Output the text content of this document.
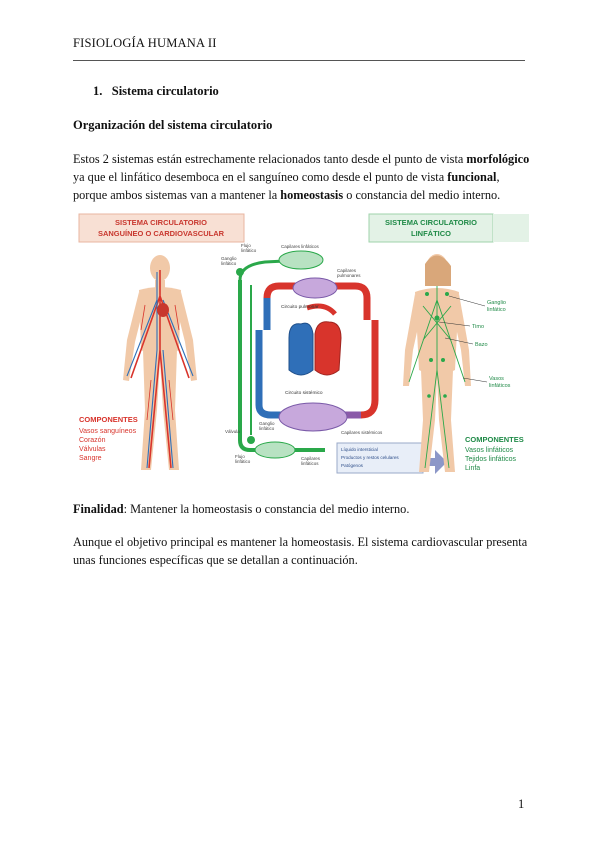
FISIOLOGÍA HUMANA II
1. Sistema circulatorio
Organización del sistema circulatorio
Estos 2 sistemas están estrechamente relacionados tanto desde el punto de vista morfológico ya que el linfático desemboca en el sanguíneo como desde el punto de vista funcional, porque ambos sistemas van a mantener la homeostasis o constancia del medio interno.
SISTEMA CIRCULATORIO
SANGUÍNEO O CARDIOVASCULAR
SISTEMA CIRCULATORIO
LINFÁTICO
COMPONENTES
Vasos sanguíneos
Corazón
Válvulas
Sangre
Flujo
linfático
Ganglio
linfático
Capilares linfáticos
Capilares
pulmonares
Circuito pulmonar
Circuito sistémico
Capilares sistémicos
Válvula
Ganglio
linfático
Flujo
linfático
Capilares
linfáticos
Líquido intersticial
Productos y restos celulares
Patógenos
Ganglio
linfático
Timo
Bazo
Vasos
linfáticos
COMPONENTES
Vasos linfáticos
Tejidos linfáticos
Linfa
Finalidad: Mantener la homeostasis o constancia del medio interno.
Aunque el objetivo principal es mantener la homeostasis. El sistema cardiovascular presenta unas funciones específicas que se detallan a continuación.
1
